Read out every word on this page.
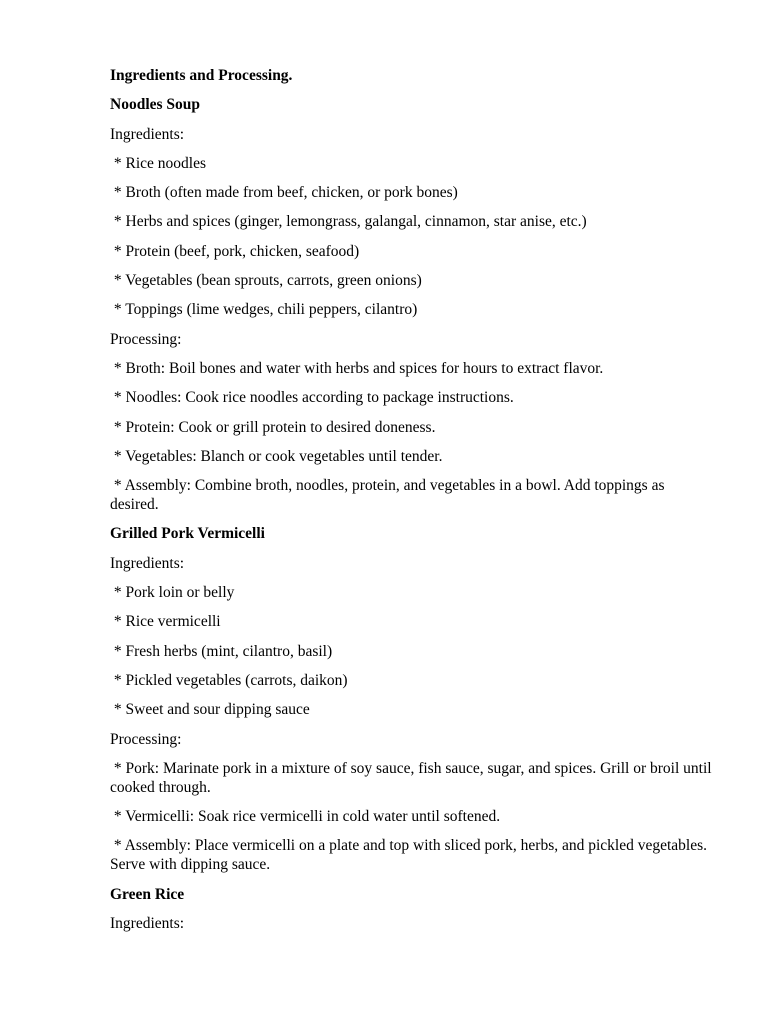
Ingredients and Processing.

Noodles Soup

Ingredients:

* Rice noodles

* Broth (often made from beef, chicken, or pork bones)

* Herbs and spices (ginger, lemongrass, galangal, cinnamon, star anise, etc.)

* Protein (beef, pork, chicken, seafood)

* Vegetables (bean sprouts, carrots, green onions)

* Toppings (lime wedges, chili peppers, cilantro)

Processing:

* Broth: Boil bones and water with herbs and spices for hours to extract flavor.

* Noodles: Cook rice noodles according to package instructions.

* Protein: Cook or grill protein to desired doneness.

* Vegetables: Blanch or cook vegetables until tender.

* Assembly: Combine broth, noodles, protein, and vegetables in a bowl. Add toppings as desired.

Grilled Pork Vermicelli

Ingredients:

* Pork loin or belly

* Rice vermicelli

* Fresh herbs (mint, cilantro, basil)

* Pickled vegetables (carrots, daikon)

* Sweet and sour dipping sauce

Processing:

* Pork: Marinate pork in a mixture of soy sauce, fish sauce, sugar, and spices. Grill or broil until cooked through.

* Vermicelli: Soak rice vermicelli in cold water until softened.

* Assembly: Place vermicelli on a plate and top with sliced pork, herbs, and pickled vegetables. Serve with dipping sauce.

Green Rice

Ingredients:
